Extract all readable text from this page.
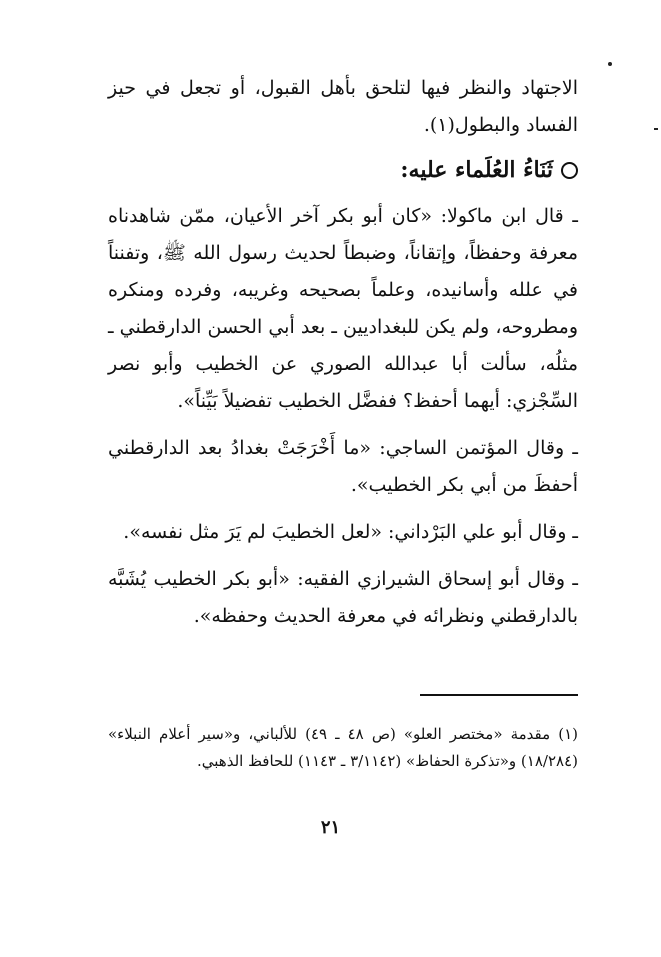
الاجتهاد والنظر فيها لتلحق بأهل القبول، أو تجعل في حيز الفساد والبطول(١).

ثَنَاءُ العُلَماء عليه:

ـ قال ابن ماكولا: «كان أبو بكر آخر الأعيان، ممّن شاهدناه معرفة وحفظاً، وإتقاناً، وضبطاً لحديث رسول الله ﷺ، وتفنناً في علله وأسانيده، وعلماً بصحيحه وغريبه، وفرده ومنكره ومطروحه، ولم يكن للبغداديين ـ بعد أبي الحسن الدارقطني ـ مثلُه، سألت أبا عبدالله الصوري عن الخطيب وأبو نصر السِّجْزي: أيهما أحفظ؟ ففضَّل الخطيب تفضيلاً بَيِّناً».

ـ وقال المؤتمن الساجي: «ما أَخْرَجَتْ بغدادُ بعد الدارقطني أحفظَ من أبي بكر الخطيب».

ـ وقال أبو علي البَرْداني: «لعل الخطيبَ لم يَرَ مثل نفسه».

ـ وقال أبو إسحاق الشيرازي الفقيه: «أبو بكر الخطيب يُشَبَّه بالدارقطني ونظرائه في معرفة الحديث وحفظه».

(١) مقدمة «مختصر العلو» (ص ٤٨ ـ ٤٩) للألباني، و«سير أعلام النبلاء» (١٨/٢٨٤) و«تذكرة الحفاظ» (٣/١١٤٢ ـ ١١٤٣) للحافظ الذهبي.

٢١
